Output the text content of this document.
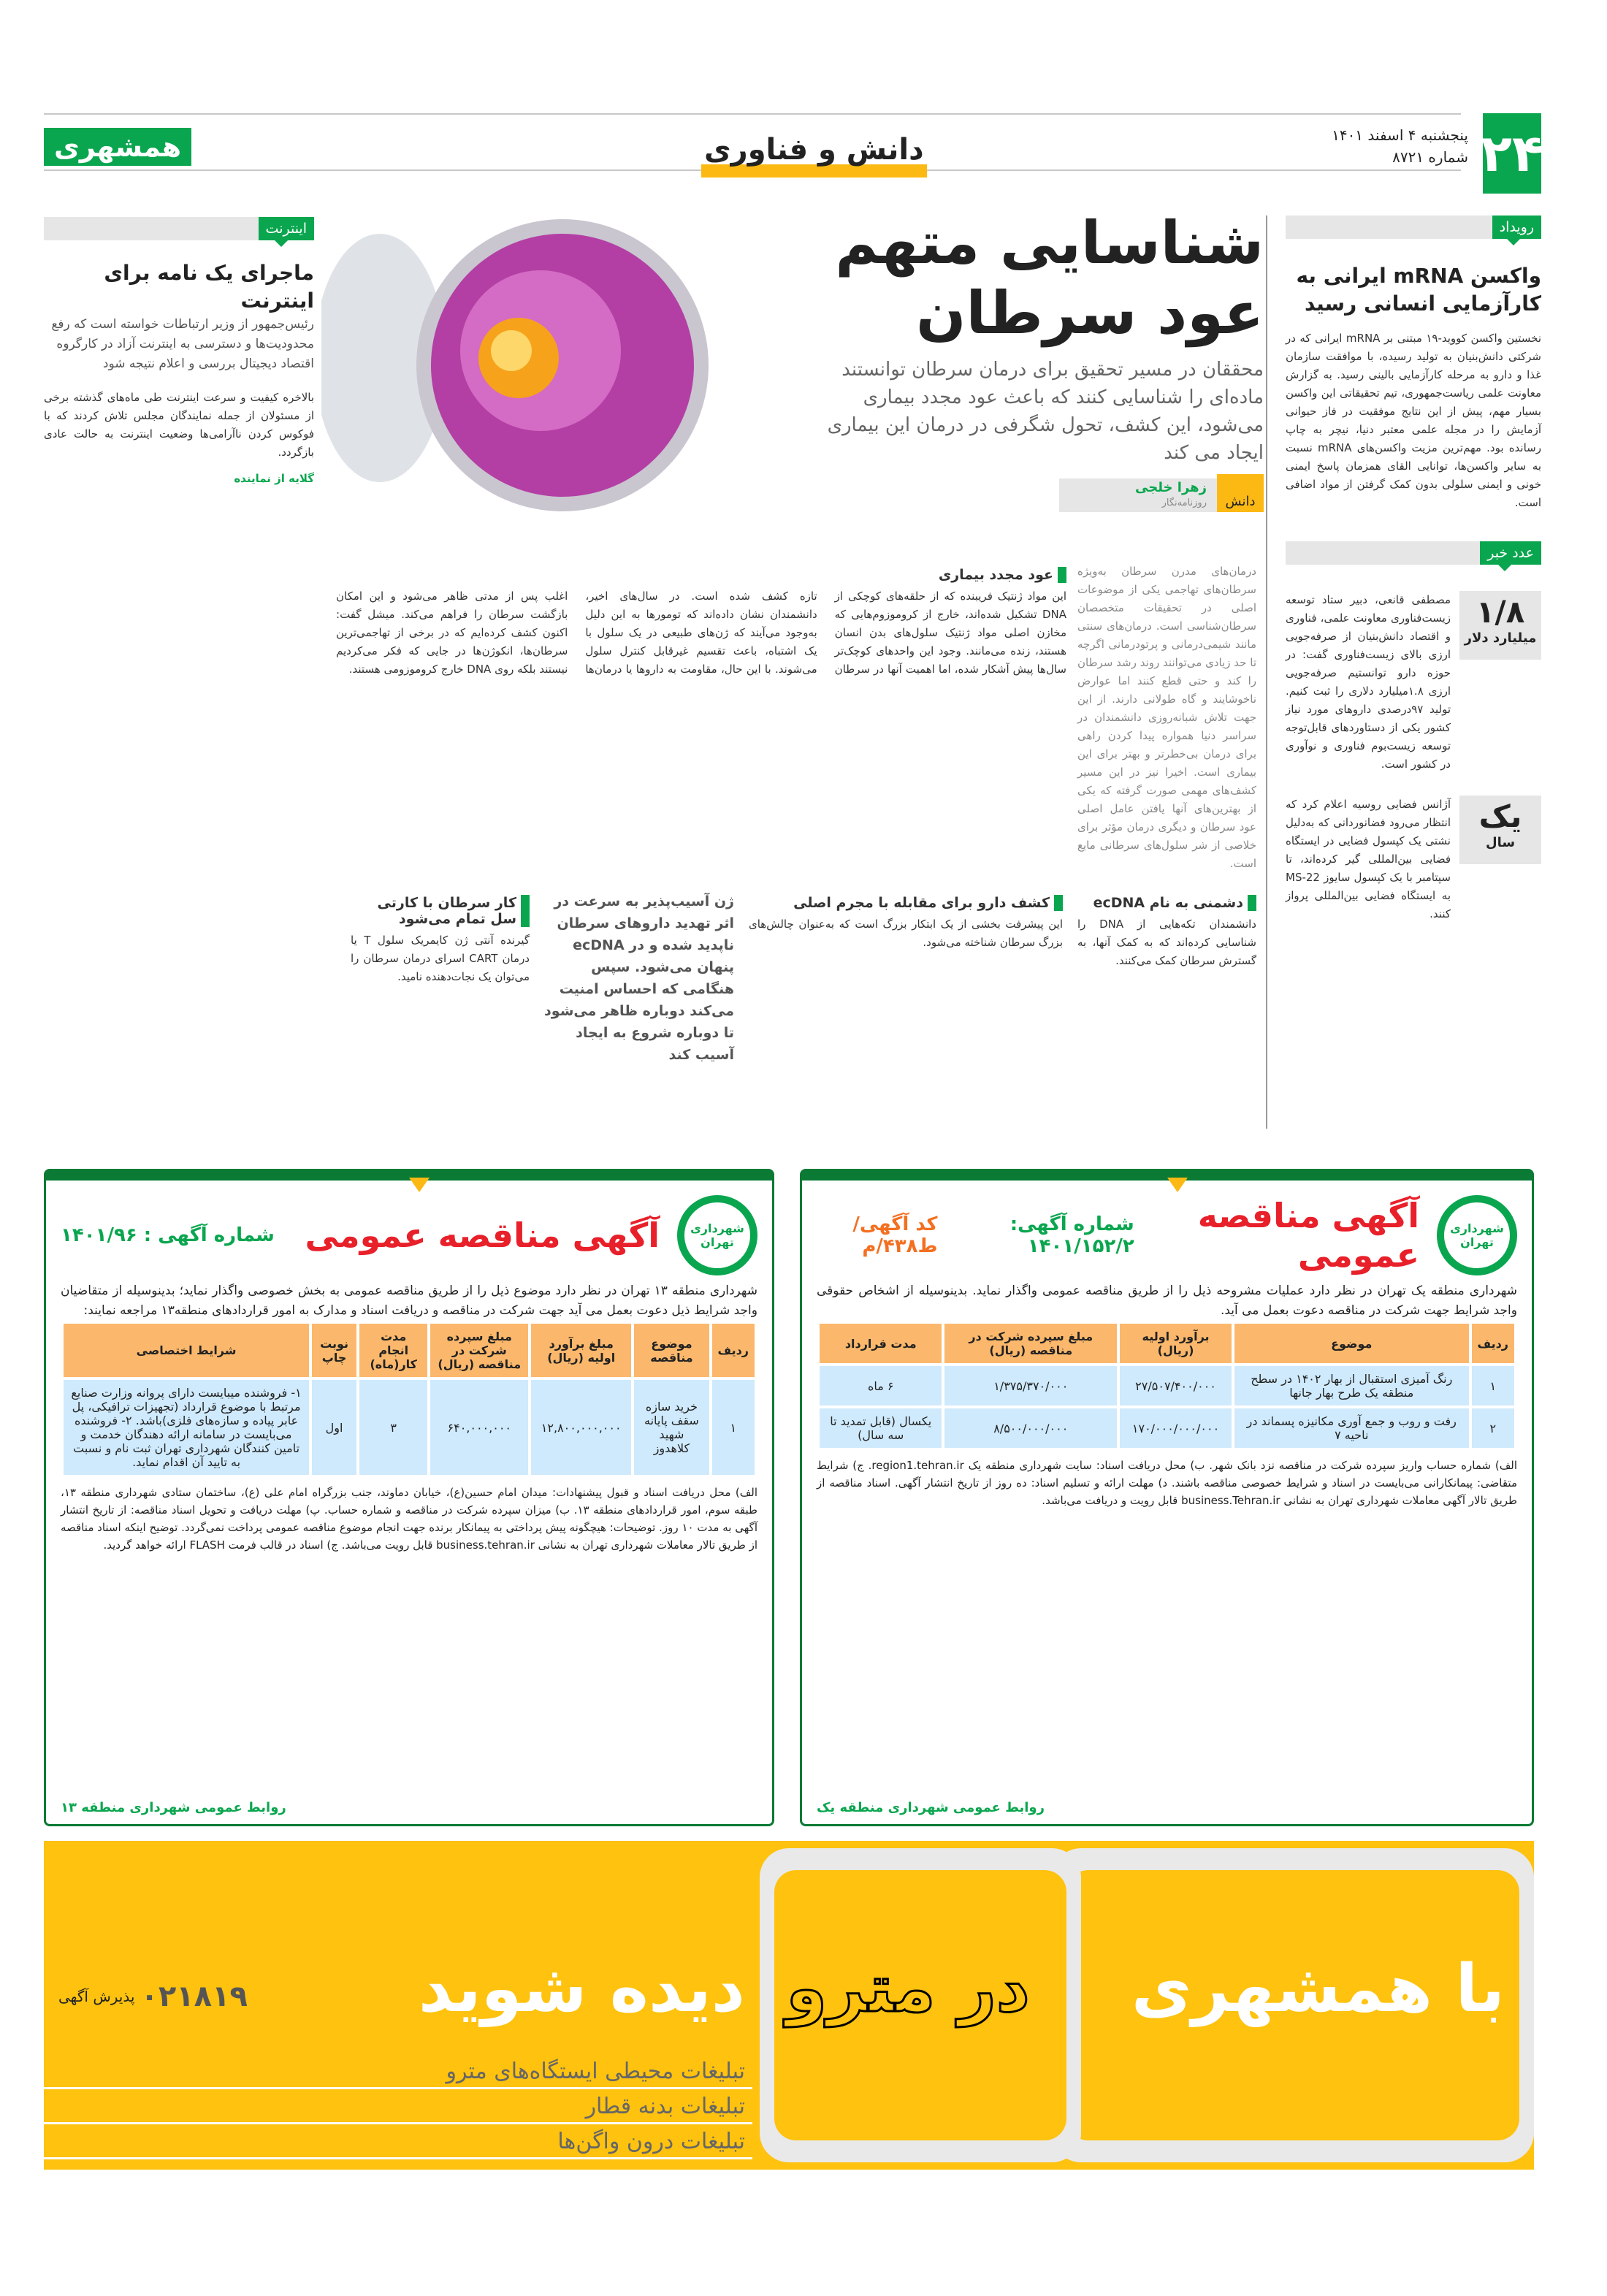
۲۴
پنجشنبه ۴ اسفند ۱۴۰۱
شماره ۸۷۲۱
همشهری	دانش و فناوری
رویداد
واکسن mRNA ایرانی به کارآزمایی انسانی رسید
نخستین واکسن کووید-۱۹ مبتنی بر mRNA ایرانی که در شرکتی دانش‌بنیان به تولید رسیده، با موافقت سازمان غذا و دارو به مرحله کارآزمایی بالینی رسید. به گزارش معاونت علمی ریاست‌جمهوری، تیم تحقیقاتی این واکسن بسیار مهم، پیش از این نتایج موفقیت در فاز حیوانی آزمایش را در مجله علمی معتبر دنیا، نیچر به چاپ رسانده بود. مهم‌ترین مزیت واکسن‌های mRNA نسبت به سایر واکسن‌ها، توانایی القای همزمان پاسخ ایمنی خونی و ایمنی سلولی بدون کمک گرفتن از مواد اضافی است.
عدد خبر
۱/۸
میلیارد دلار
مصطفی قانعی، دبیر ستاد توسعه زیست‌فناوری معاونت علمی، فناوری و اقتصاد دانش‌بنیان از صرفه‌جویی ارزی بالای زیست‌فناوری گفت: در حوزه دارو توانستیم صرفه‌جویی ارزی ۱.۸میلیارد دلاری را ثبت کنیم. تولید ۹۷درصدی داروهای مورد نیاز کشور یکی از دستاوردهای قابل‌توجه توسعه زیست‌بوم فناوری و نوآوری در کشور است.
یک
سال
آژانس فضایی روسیه اعلام کرد که انتظار می‌رود فضانوردانی که به‌دلیل نشتی یک کپسول فضایی در ایستگاه فضایی بین‌المللی گیر کرده‌اند، تا سپتامبر با یک کپسول سایوز MS-22 به ایستگاه فضایی بین‌المللی پرواز کنند.
شناسایی متهم عود سرطان
محققان در مسیر تحقیق برای درمان سرطان توانستند ماده‌ای را شناسایی کنند که باعث عود مجدد بیماری می‌شود، این کشف، تحول شگرفی در درمان این بیماری ایجاد می کند
دانش
زهرا خلجی
روزنامه‌نگار
درمان‌های مدرن سرطان به‌ویژه سرطان‌های تهاجمی یکی از موضوعات اصلی در تحقیقات متخصصان سرطان‌شناسی است. درمان‌های سنتی مانند شیمی‌درمانی و پرتودرمانی اگرچه تا حد زیادی می‌توانند روند رشد سرطان را کند و حتی قطع کنند اما عوارض ناخوشایند و گاه طولانی دارند. از این جهت تلاش شبانه‌روزی دانشمندان در سراسر دنیا همواره پیدا کردن راهی برای درمان بی‌خطرتر و بهتر برای این بیماری است. اخیرا نیز در این مسیر کشف‌های مهمی صورت گرفته که یکی از بهترین‌های آنها یافتن عامل اصلی عود سرطان و دیگری درمان مؤثر برای خلاصی از شر سلول‌های سرطانی مایع است.
عود مجدد بیماری
این مواد ژنتیک فریبنده که از حلقه‌های کوچکی از DNA تشکیل شده‌اند، خارج از کروموزوم‌هایی که مخازن اصلی مواد ژنتیک سلول‌های بدن انسان هستند، زنده می‌مانند. وجود این واحدهای کوچک‌تر سال‌ها پیش آشکار شده، اما اهمیت آنها در سرطان تازه کشف شده است. در سال‌های اخیر، دانشمندان نشان داده‌اند که تومورها به این دلیل به‌وجود می‌آیند که ژن‌های طبیعی در یک سلول با یک اشتباه، باعث تقسیم غیرقابل کنترل سلول می‌شوند. با این حال، مقاومت به داروها یا درمان‌ها اغلب پس از مدتی ظاهر می‌شود و این امکان بازگشت سرطان را فراهم می‌کند. میشل گفت: اکنون کشف کرده‌ایم که در برخی از تهاجمی‌ترین سرطان‌ها، انکوژن‌ها در جایی که فکر می‌کردیم نیستند بلکه روی DNA خارج کروموزومی هستند.
دشمنی به نام ecDNA
دانشمندان تکه‌هایی از DNA را شناسایی کرده‌اند که به کمک آنها، به گسترش سرطان کمک می‌کنند.
کشف دارو برای مقابله با مجرم اصلی
این پیشرفت بخشی از یک ابتکار بزرگ است که به‌عنوان چالش‌های بزرگ سرطان شناخته می‌شود.
ژن آسیب‌پذیر به سرعت در اثر تهدید داروهای سرطان ناپدید شده و در ecDNA پنهان می‌شود. سپس هنگامی که احساس امنیت می‌کند دوباره ظاهر می‌شود تا دوباره شروع به ایجاد آسیب کند
کار سرطان با کارتی سل تمام می‌شود
گیرنده آنتی ژن کایمریک سلول T یا درمان CART اسرای درمان سرطان را می‌توان یک نجات‌دهنده نامید.
اینترنت
ماجرای یک نامه برای اینترنت
رئیس‌جمهور از وزیر ارتباطات خواسته است که رفع محدودیت‌ها و دسترسی به اینترنت آزاد در کارگروه اقتصاد دیجیتال بررسی و اعلام نتیجه شود
بالاخره کیفیت و سرعت اینترنت طی ماه‌های گذشته برخی از مسئولان از جمله نمایندگان مجلس تلاش کردند که با فوکوس کردن ناآرامی‌ها وضعیت اینترنت به حالت عادی بازگردد.
گلایه از نماینده
شهرداری تهران
آگهی مناقصه عمومی
شماره آگهی: ۱۴۰۱/۱۵۲/۲
کد آگهی/ط۴۳۸/م
شهرداری منطقه یک تهران در نظر دارد عملیات مشروحه ذیل را از طریق مناقصه عمومی واگذار نماید. بدینوسیله از اشخاص حقوقی واجد شرایط جهت شرکت در مناقصه دعوت بعمل می آید.
ردیف	موضوع	برآورد اولیه (ریال)	مبلغ سپرده شرکت در مناقصه (ریال)	مدت قرارداد
۱	رنگ آمیزی استقبال از بهار ۱۴۰۲ در سطح منطقه یک طرح بهار جانها	۲۷/۵۰۷/۴۰۰/۰۰۰	۱/۳۷۵/۳۷۰/۰۰۰	۶ ماه
۲	رفت و روب و جمع آوری مکانیزه پسماند در ناحیه ۷	۱۷۰/۰۰۰/۰۰۰/۰۰۰	۸/۵۰۰/۰۰۰/۰۰۰	یکسال (قابل تمدید تا سه سال)
الف) شماره حساب واریز سپرده شرکت در مناقصه نزد بانک شهر. ب) محل دریافت اسناد: سایت شهرداری منطقه یک region1.tehran.ir. ج) شرایط متقاضی: پیمانکارانی می‌بایست در اسناد و شرایط خصوصی مناقصه باشند. د) مهلت ارائه و تسلیم اسناد: ده روز از تاریخ انتشار آگهی. اسناد مناقصه از طریق تالار آگهی معاملات شهرداری تهران به نشانی business.Tehran.ir قابل رویت و دریافت می‌باشد.
روابط عمومی شهرداری منطقه یک
شهرداری تهران
آگهی مناقصه عمومی
شماره آگهی : ۱۴۰۱/۹۶
شهرداری منطقه ۱۳ تهران در نظر دارد موضوع ذیل را از طریق مناقصه عمومی به بخش خصوصی واگذار نماید؛ بدینوسیله از متقاضیان واجد شرایط ذیل دعوت بعمل می آید جهت شرکت در مناقصه و دریافت اسناد و مدارک به امور قراردادهای منطقه۱۳ مراجعه نمایند:
ردیف	موضوع مناقصه	مبلغ برآورد اولیه (ریال)	مبلغ سپرده شرکت در مناقصه (ریال)	مدت انجام کار(ماه)	نوبت چاپ	شرایط اختصاصی
۱	خرید سازه سقف پایانه شهید کلاهدوز	۱۲,۸۰۰,۰۰۰,۰۰۰	۶۴۰,۰۰۰,۰۰۰	۳	اول	۱- فروشنده میبایست دارای پروانه وزارت صنایع مرتبط با موضوع قرارداد (تجهیزات ترافیکی، پل عابر پیاده و سازه‌های فلزی)باشد. ۲- فروشنده می‌بایست در سامانه ارائه دهندگان خدمت و تامین کنندگان شهرداری تهران ثبت نام و نسبت به تایید آن اقدام نماید.
الف) محل دریافت اسناد و قبول پیشنهادات: میدان امام حسین(ع)، خیابان دماوند، جنب بزرگراه امام علی (ع)، ساختمان ستادی شهرداری منطقه ۱۳، طبقه سوم، امور قراردادهای منطقه ۱۳. ب) میزان سپرده شرکت در مناقصه و شماره حساب. پ) مهلت دریافت و تحویل اسناد مناقصه: از تاریخ انتشار آگهی به مدت ۱۰ روز. توضیحات: هیچگونه پیش پرداختی به پیمانکار برنده جهت انجام موضوع مناقصه عمومی پرداخت نمی‌گردد. توضیح اینکه اسناد مناقصه از طریق تالار معاملات شهرداری تهران به نشانی business.tehran.ir قابل رویت می‌باشد. ج) اسناد در قالب فرمت FLASH ارائه خواهد گردید.
روابط عمومی شهرداری منطقه ۱۳
با همشهری
در مترو
دیده شوید
۰۲۱۸۱۹
پذیرش آگهی
تبلیغات محیطی ایستگاه‌های مترو
تبلیغات بدنه قطار
تبلیغات درون واگن‌ها
